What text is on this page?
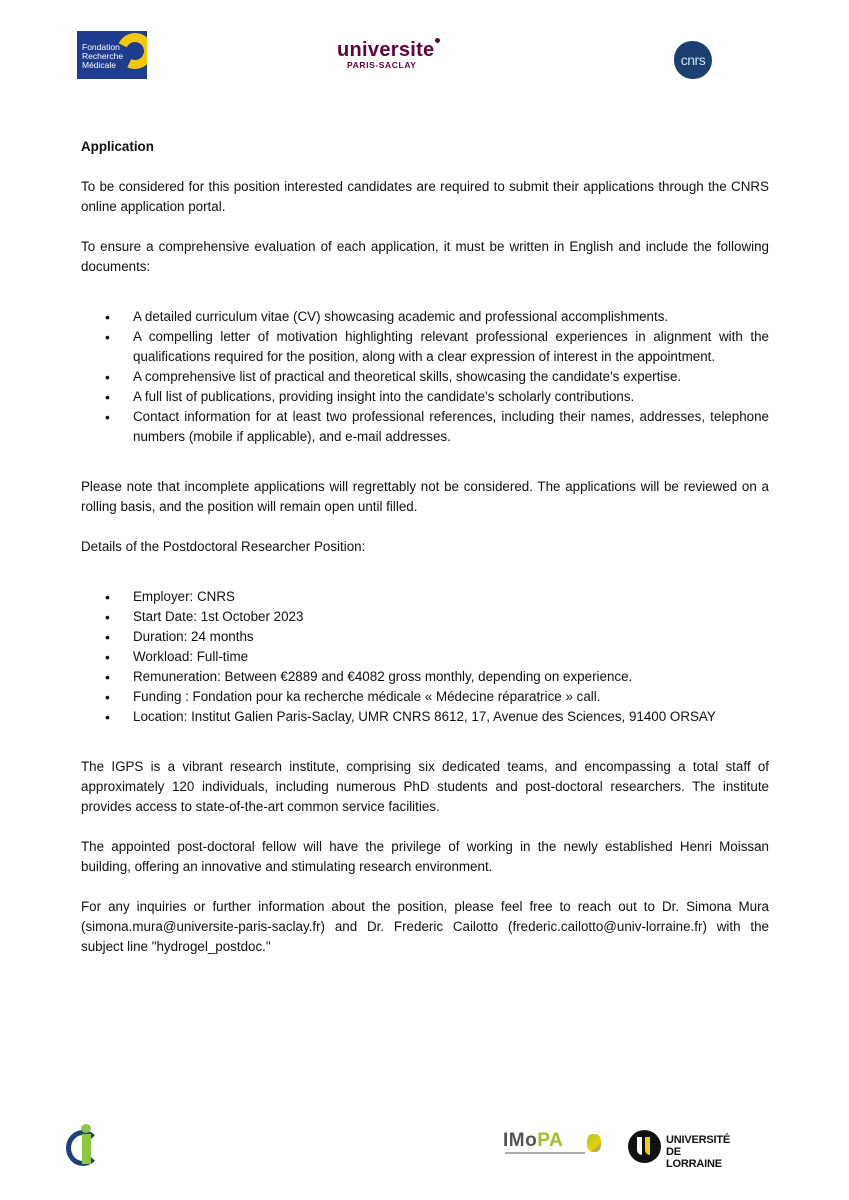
Fondation
Recherche
Médicale
universite
PARIS-SACLAY	cnrs

Application

To be considered for this position interested candidates are required to submit their applications through the CNRS online application portal.

To ensure a comprehensive evaluation of each application, it must be written in English and include the following documents:

• A detailed curriculum vitae (CV) showcasing academic and professional accomplishments.
• A compelling letter of motivation highlighting relevant professional experiences in alignment with the qualifications required for the position, along with a clear expression of interest in the appointment.
• A comprehensive list of practical and theoretical skills, showcasing the candidate's expertise.
• A full list of publications, providing insight into the candidate's scholarly contributions.
• Contact information for at least two professional references, including their names, addresses, telephone numbers (mobile if applicable), and e-mail addresses.

Please note that incomplete applications will regrettably not be considered. The applications will be reviewed on a rolling basis, and the position will remain open until filled.

Details of the Postdoctoral Researcher Position:

• Employer: CNRS
• Start Date: 1st October 2023
• Duration: 24 months
• Workload: Full-time
• Remuneration: Between €2889 and €4082 gross monthly, depending on experience.
• Funding : Fondation pour ka recherche médicale « Médecine réparatrice » call.
• Location: Institut Galien Paris-Saclay, UMR CNRS 8612, 17, Avenue des Sciences, 91400 ORSAY

The IGPS is a vibrant research institute, comprising six dedicated teams, and encompassing a total staff of approximately 120 individuals, including numerous PhD students and post-doctoral researchers. The institute provides access to state-of-the-art common service facilities.

The appointed post-doctoral fellow will have the privilege of working in the newly established Henri Moissan building, offering an innovative and stimulating research environment.

For any inquiries or further information about the position, please feel free to reach out to Dr. Simona Mura (simona.mura@universite-paris-saclay.fr) and Dr. Frederic Cailotto (frederic.cailotto@univ-lorraine.fr) with the subject line "hydrogel_postdoc."

IMoPA	UNIVERSITÉ
DE LORRAINE
